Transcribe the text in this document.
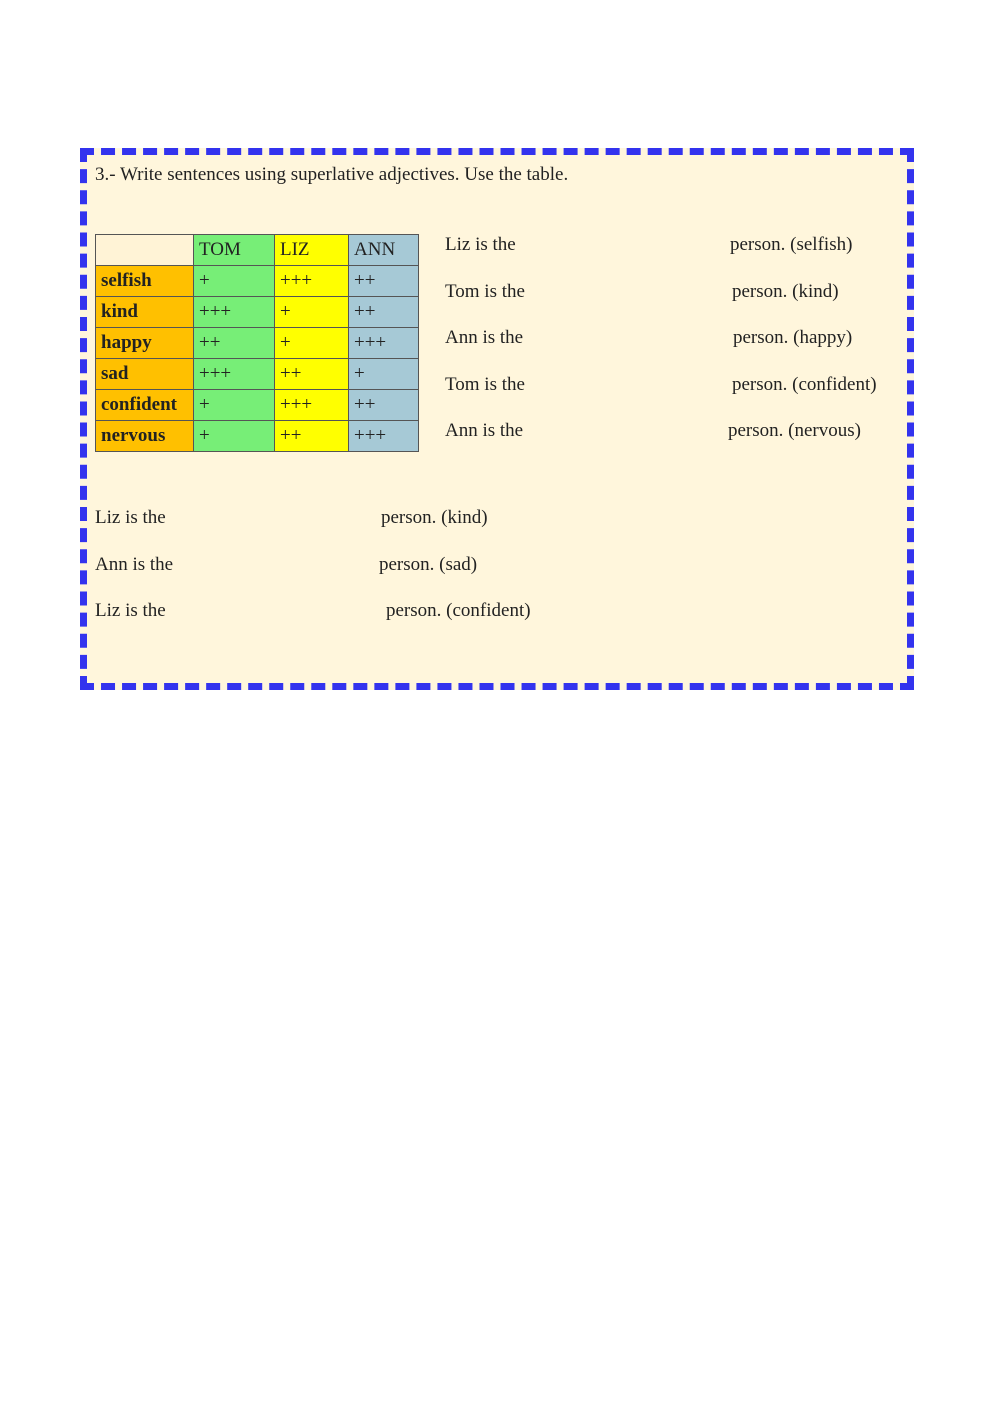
3.- Write sentences using superlative adjectives. Use the table.

	TOM	LIZ	ANN
selfish	+	+++	++
kind	+++	+	++
happy	++	+	+++
sad	+++	++	+
confident	+	+++	++
nervous	+	++	+++
Liz is the	person. (selfish)
Tom is the	person. (kind)
Ann is the	person. (happy)
Tom is the	person. (confident)
Ann is the	person. (nervous)
Liz is the	person. (kind)
Ann is the	person. (sad)
Liz is the	person. (confident)
